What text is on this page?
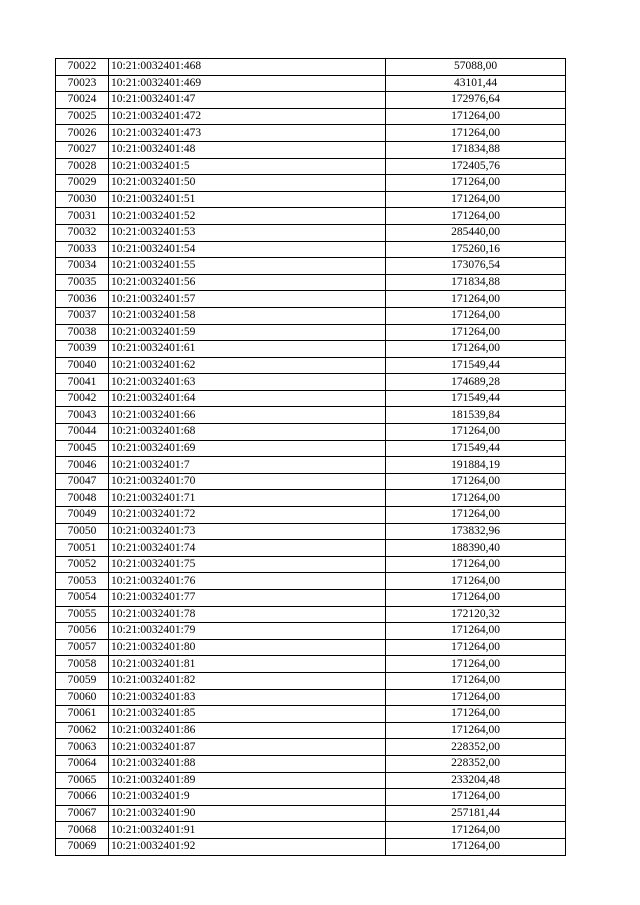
70022	10:21:0032401:468	57088,00
70023	10:21:0032401:469	43101,44
70024	10:21:0032401:47	172976,64
70025	10:21:0032401:472	171264,00
70026	10:21:0032401:473	171264,00
70027	10:21:0032401:48	171834,88
70028	10:21:0032401:5	172405,76
70029	10:21:0032401:50	171264,00
70030	10:21:0032401:51	171264,00
70031	10:21:0032401:52	171264,00
70032	10:21:0032401:53	285440,00
70033	10:21:0032401:54	175260,16
70034	10:21:0032401:55	173076,54
70035	10:21:0032401:56	171834,88
70036	10:21:0032401:57	171264,00
70037	10:21:0032401:58	171264,00
70038	10:21:0032401:59	171264,00
70039	10:21:0032401:61	171264,00
70040	10:21:0032401:62	171549,44
70041	10:21:0032401:63	174689,28
70042	10:21:0032401:64	171549,44
70043	10:21:0032401:66	181539,84
70044	10:21:0032401:68	171264,00
70045	10:21:0032401:69	171549,44
70046	10:21:0032401:7	191884,19
70047	10:21:0032401:70	171264,00
70048	10:21:0032401:71	171264,00
70049	10:21:0032401:72	171264,00
70050	10:21:0032401:73	173832,96
70051	10:21:0032401:74	188390,40
70052	10:21:0032401:75	171264,00
70053	10:21:0032401:76	171264,00
70054	10:21:0032401:77	171264,00
70055	10:21:0032401:78	172120,32
70056	10:21:0032401:79	171264,00
70057	10:21:0032401:80	171264,00
70058	10:21:0032401:81	171264,00
70059	10:21:0032401:82	171264,00
70060	10:21:0032401:83	171264,00
70061	10:21:0032401:85	171264,00
70062	10:21:0032401:86	171264,00
70063	10:21:0032401:87	228352,00
70064	10:21:0032401:88	228352,00
70065	10:21:0032401:89	233204,48
70066	10:21:0032401:9	171264,00
70067	10:21:0032401:90	257181,44
70068	10:21:0032401:91	171264,00
70069	10:21:0032401:92	171264,00
